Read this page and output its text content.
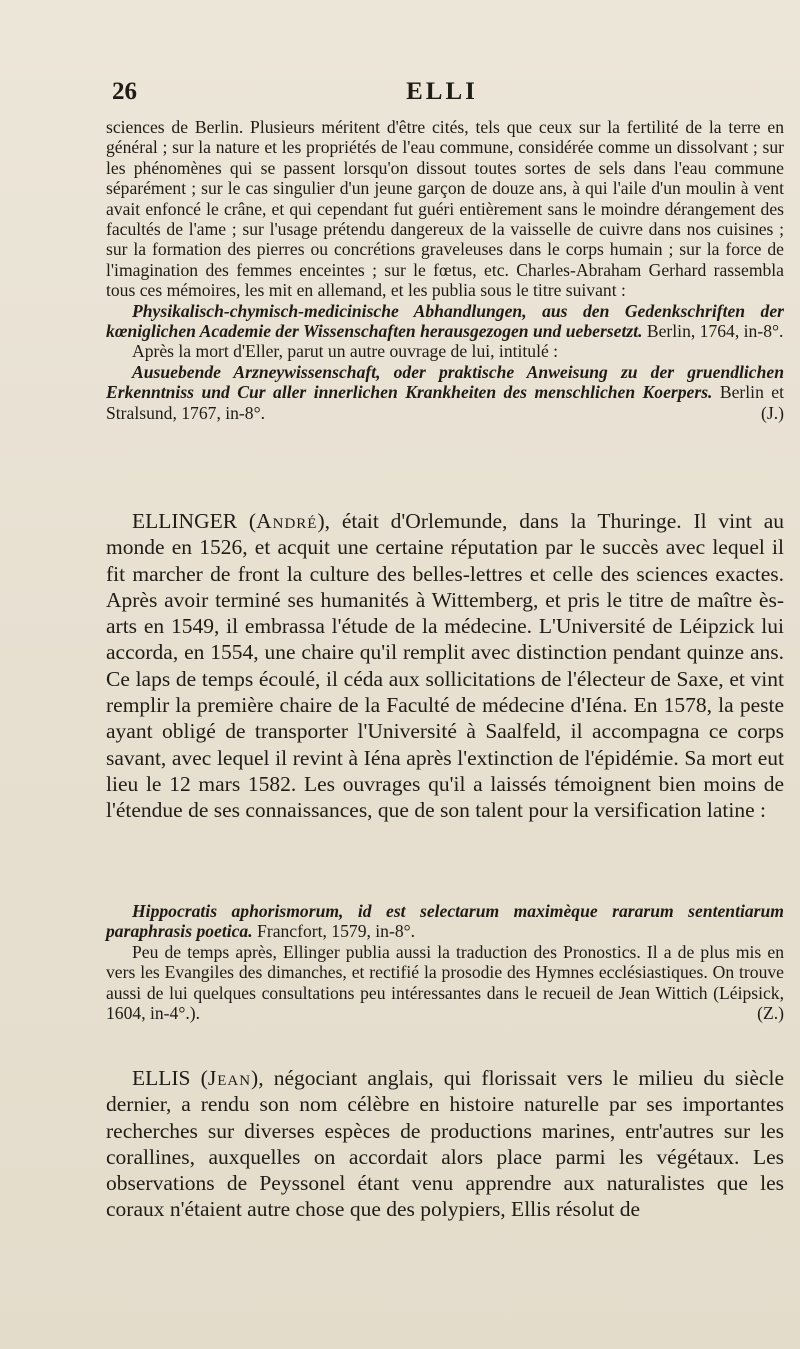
26	ELLI

sciences de Berlin. Plusieurs méritent d'être cités, tels que ceux sur la fertilité de la terre en général ; sur la nature et les propriétés de l'eau commune, considérée comme un dissolvant ; sur les phénomènes qui se passent lorsqu'on dissout toutes sortes de sels dans l'eau commune séparément ; sur le cas singulier d'un jeune garçon de douze ans, à qui l'aile d'un moulin à vent avait enfoncé le crâne, et qui cependant fut guéri entièrement sans le moindre dérangement des facultés de l'ame ; sur l'usage prétendu dangereux de la vaisselle de cuivre dans nos cuisines ; sur la formation des pierres ou concrétions graveleuses dans le corps humain ; sur la force de l'imagination des femmes enceintes ; sur le fœtus, etc. Charles-Abraham Gerhard rassembla tous ces mémoires, les mit en allemand, et les publia sous le titre suivant :

Physikalisch-chymisch-medicinische Abhandlungen, aus den Gedenkschriften der kœniglichen Academie der Wissenschaften herausgezogen und uebersetzt. Berlin, 1764, in-8°.

Après la mort d'Eller, parut un autre ouvrage de lui, intitulé :

Ausuebende Arzneywissenschaft, oder praktische Anweisung zu der gruendlichen Erkenntniss und Cur aller innerlichen Krankheiten des menschlichen Koerpers. Berlin et Stralsund, 1767, in-8°.	(J.)

ELLINGER (André), était d'Orlemunde, dans la Thuringe. Il vint au monde en 1526, et acquit une certaine réputation par le succès avec lequel il fit marcher de front la culture des belles-lettres et celle des sciences exactes. Après avoir terminé ses humanités à Wittemberg, et pris le titre de maître ès-arts en 1549, il embrassa l'étude de la médecine. L'Université de Léipzick lui accorda, en 1554, une chaire qu'il remplit avec distinction pendant quinze ans. Ce laps de temps écoulé, il céda aux sollicitations de l'électeur de Saxe, et vint remplir la première chaire de la Faculté de médecine d'Iéna. En 1578, la peste ayant obligé de transporter l'Université à Saalfeld, il accompagna ce corps savant, avec lequel il revint à Iéna après l'extinction de l'épidémie. Sa mort eut lieu le 12 mars 1582. Les ouvrages qu'il a laissés témoignent bien moins de l'étendue de ses connaissances, que de son talent pour la versification latine :

Hippocratis aphorismorum, id est selectarum maximèque rararum sententiarum paraphrasis poetica. Francfort, 1579, in-8°.

Peu de temps après, Ellinger publia aussi la traduction des Pronostics. Il a de plus mis en vers les Evangiles des dimanches, et rectifié la prosodie des Hymnes ecclésiastiques. On trouve aussi de lui quelques consultations peu intéressantes dans le recueil de Jean Wittich (Léipsick, 1604, in-4°.).	(Z.)

ELLIS (Jean), négociant anglais, qui florissait vers le milieu du siècle dernier, a rendu son nom célèbre en histoire naturelle par ses importantes recherches sur diverses espèces de productions marines, entr'autres sur les corallines, auxquelles on accordait alors place parmi les végétaux. Les observations de Peyssonel étant venu apprendre aux naturalistes que les coraux n'étaient autre chose que des polypiers, Ellis résolut de
